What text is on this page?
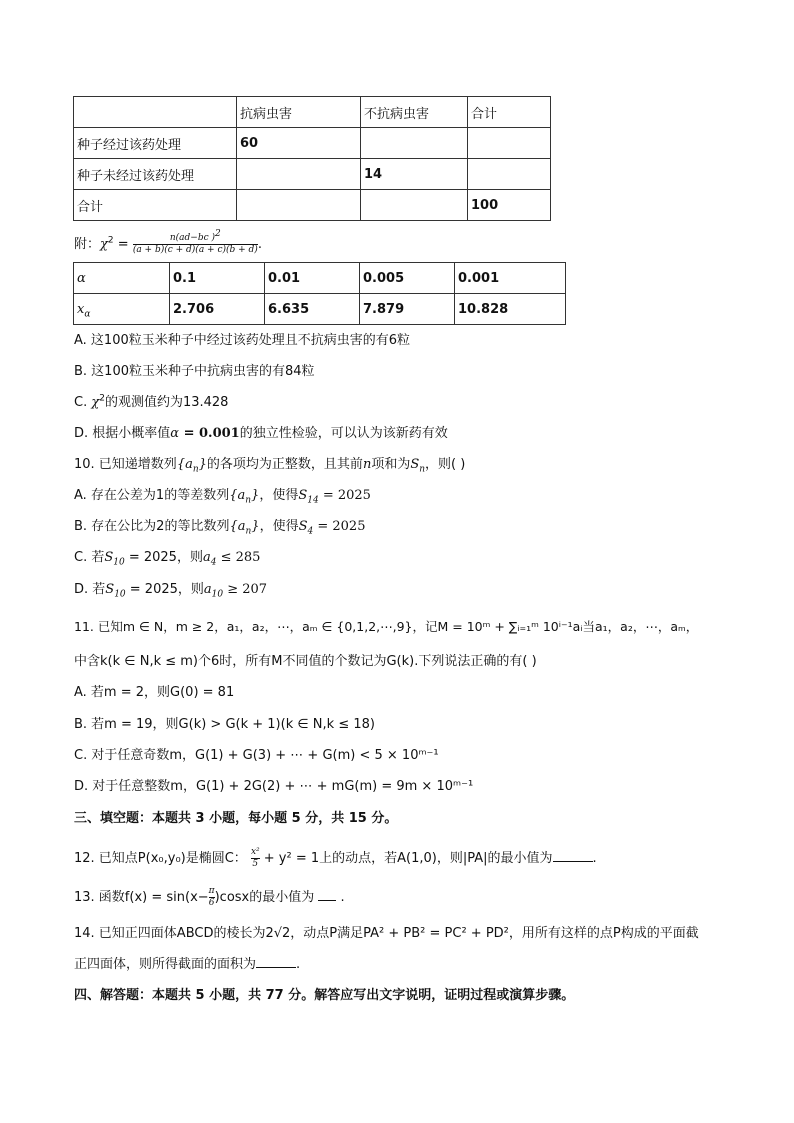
	抗病虫害	不抗病虫害	合计
种子经过该药处理	60		
种子未经过该药处理		14	
合计			100
附：$\chi^2 = \frac{n(ad-bc )^2}{(a + b)(c + d)(a + c)(b + d)}$ .
α	0.1	0.01	0.005	0.001
$x_\alpha$	2.706	6.635	7.879	10.828
A. 这100粒玉米种子中经过该药处理且不抗病虫害的有6粒
B. 这100粒玉米种子中抗病虫害的有84粒
C. $\chi^2$的观测值约为13.428
D. 根据小概率值α = 0.001的独立性检验，可以认为该新药有效
10. 已知递增数列$\{a_n\}$的各项均为正整数，且其前n项和为$S_n$，则( )
A. 存在公差为1的等差数列$\{a_n\}$，使得$S_{14} = 2025$
B. 存在公比为2的等比数列$\{a_n\}$，使得$S_4 = 2025$
C. 若$S_{10} = 2025$，则$a_4 \le 285$
D. 若$S_{10} = 2025$，则$a_{10} \ge 207$
11. 已知m ∈ N，m ≥ 2，a₁，a₂，⋯，aₘ ∈ {0,1,2,⋯,9}，记M = 10ᵐ + ∑ᵢ₌₁ᵐ 10ⁱ⁻¹aᵢ当a₁，a₂，⋯，aₘ，
中含k(k ∈ N,k ≤ m)个6时，所有M不同值的个数记为G(k).下列说法正确的有( )
A. 若m = 2，则G(0) = 81
B. 若m = 19，则G(k) > G(k + 1)(k ∈ N,k ≤ 18)
C. 对于任意奇数m，G(1) + G(3) + ⋯ + G(m) < 5 × 10ᵐ⁻¹
D. 对于任意整数m，G(1) + 2G(2) + ⋯ + mG(m) = 9m × 10ᵐ⁻¹
三、填空题：本题共 3 小题，每小题 5 分，共 15 分。
12. 已知点P(x₀,y₀)是椭圆C： $\frac{\text{x²}}{5} + y^2 = 1$上的动点，若A(1,0)，则|PA|的最小值为	.
13. 函数$f(x) = \sin(x- \frac{\pi}{6} )\cos x$的最小值为 .
14. 已知正四面体ABCD的棱长为2√2，动点P满足PA² + PB² = PC² + PD²，用所有这样的点P构成的平面截
正四面体，则所得截面的面积为	.
四、解答题：本题共 5 小题，共 77 分。解答应写出文字说明，证明过程或演算步骤。
